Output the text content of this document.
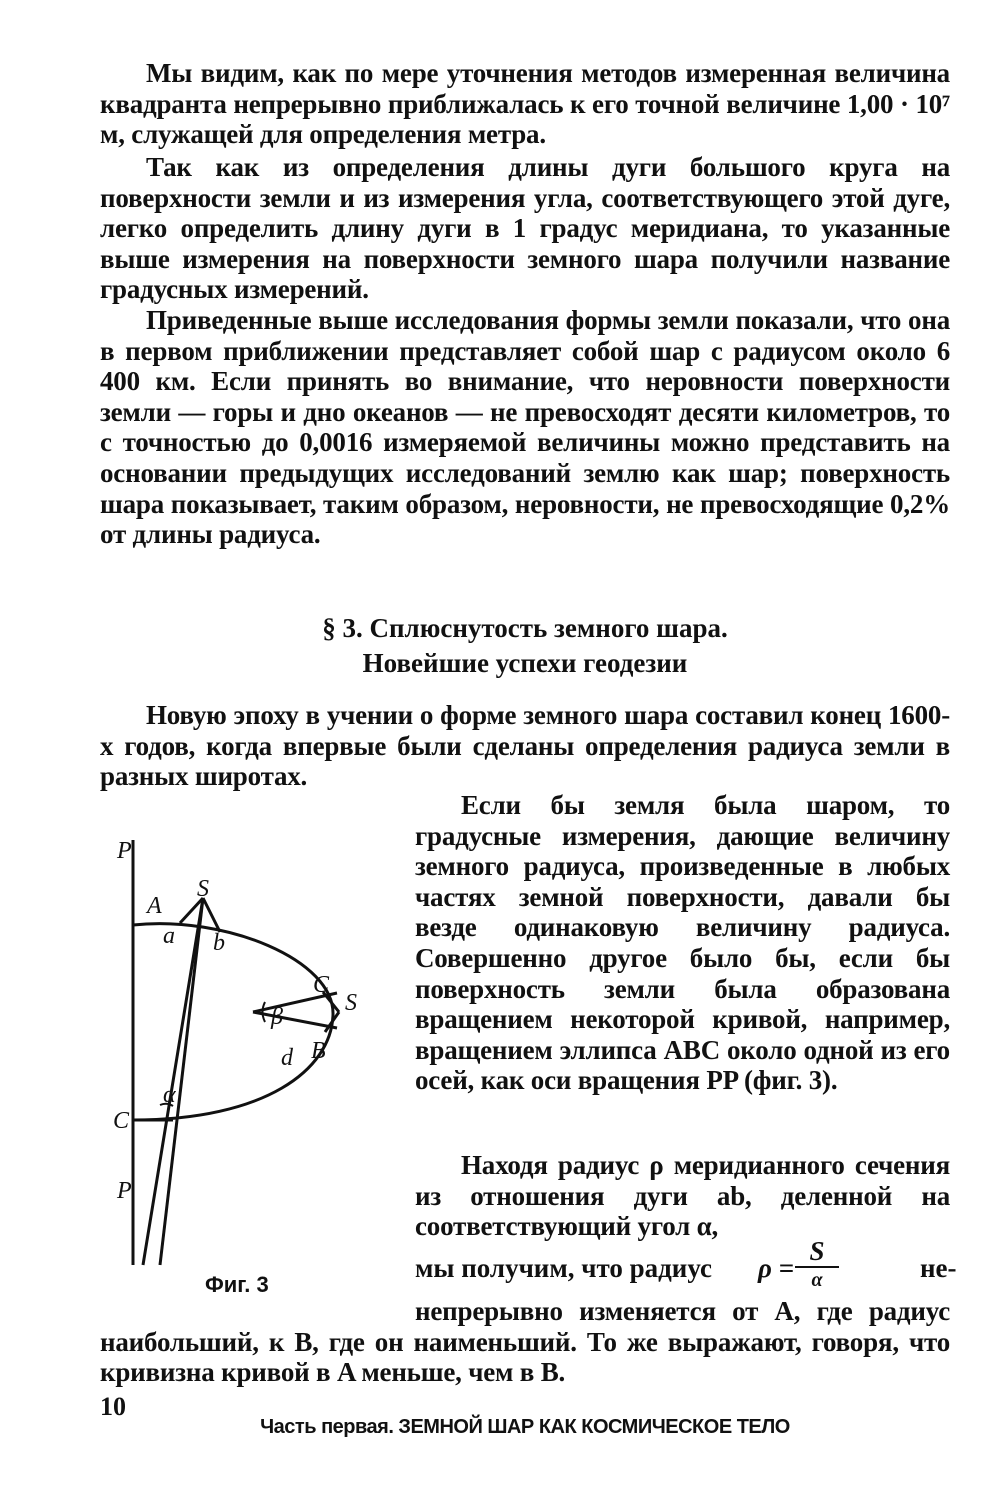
Мы видим, как по мере уточнения методов измеренная величина квадранта непрерывно приближалась к его точной величине 1,00 · 10⁷ м, служащей для определения метра.

Так как из определения длины дуги большого круга на поверхности земли и из измерения угла, соответствующего этой дуге, легко определить длину дуги в 1 градус меридиана, то указанные выше измерения на поверхности земного шара получили название градусных измерений.

Приведенные выше исследования формы земли показали, что она в первом приближении представляет собой шар с радиусом около 6 400 км. Если принять во внимание, что неровности поверхности земли — горы и дно океанов — не превосходят десяти километров, то с точностью до 0,0016 измеряемой величины можно представить на основании предыдущих исследований землю как шар; поверхность шара показывает, таким образом, неровности, не превосходящие 0,2% от длины радиуса.

§ 3. Сплюснутость земного шара.
Новейшие успехи геодезии

Новую эпоху в учении о форме земного шара составил конец 1600-х годов, когда впервые были сделаны определения радиуса земли в разных широтах.

Если бы земля была шаром, то градусные измерения, дающие величину земного радиуса, произведенные в любых частях земной поверхности, давали бы везде одинаковую величину радиуса. Совершенно другое было бы, если бы поверхность земли была образована вращением некоторой кривой, например, вращением эллипса ABC около одной из его осей, как оси вращения PP (фиг. 3).

Находя радиус ρ меридианного сечения из отношения дуги ab, деленной на соответствующий угол α,

мы получим, что радиус ρ =
S
α	не-

непрерывно изменяется от A, где радиус наибольший, к B, где он наименьший. То же выражают, говоря, что кривизна кривой в A меньше, чем в B.

P
A
S
a b
C
S
β
d B
α
C
P
Фиг. 3
10
Часть первая. ЗЕМНОЙ ШАР КАК КОСМИЧЕСКОЕ ТЕЛО
